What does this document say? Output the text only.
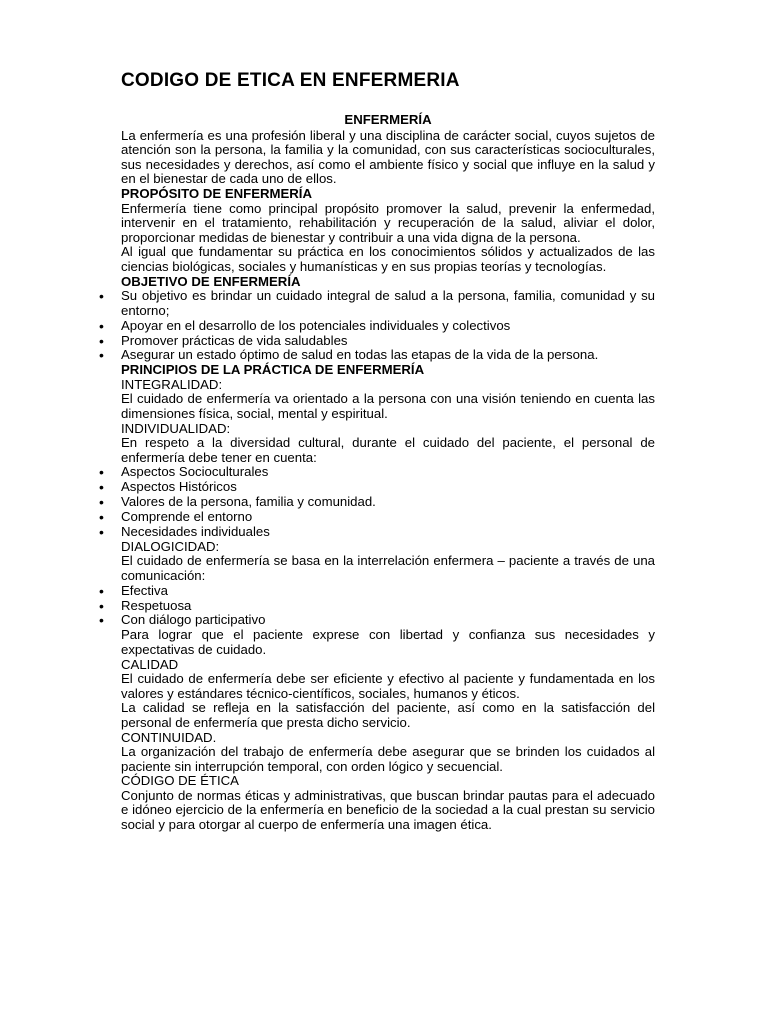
CODIGO DE ETICA EN ENFERMERIA
ENFERMERÍA

La enfermería es una profesión liberal y una disciplina de carácter social, cuyos sujetos de atención son la persona, la familia y la comunidad, con sus características socioculturales, sus necesidades y derechos, así como el ambiente físico y social que influye en la salud y en el bienestar de cada uno de ellos.

PROPÓSITO DE ENFERMERÍA

Enfermería tiene como principal propósito promover la salud, prevenir la enfermedad, intervenir en el tratamiento, rehabilitación y recuperación de la salud, aliviar el dolor, proporcionar medidas de bienestar y contribuir a una vida digna de la persona.

Al igual que fundamentar su práctica en los conocimientos sólidos y actualizados de las ciencias biológicas, sociales y humanísticas y en sus propias teorías y tecnologías.

OBJETIVO DE ENFERMERÍA
• Su objetivo es brindar un cuidado integral de salud a la persona, familia, comunidad y su entorno;
• Apoyar en el desarrollo de los potenciales individuales y colectivos
• Promover prácticas de vida saludables
• Asegurar un estado óptimo de salud en todas las etapas de la vida de la persona.
PRINCIPIOS DE LA PRÁCTICA DE ENFERMERÍA
INTEGRALIDAD:

El cuidado de enfermería va orientado a la persona con una visión teniendo en cuenta las dimensiones física, social, mental y espiritual.

INDIVIDUALIDAD:

En respeto a la diversidad cultural, durante el cuidado del paciente, el personal de enfermería debe tener en cuenta:

• Aspectos Socioculturales
• Aspectos Históricos
• Valores de la persona, familia y comunidad.
• Comprende el entorno
• Necesidades individuales
DIALOGICIDAD:

El cuidado de enfermería se basa en la interrelación enfermera – paciente a través de una comunicación:

• Efectiva
• Respetuosa
• Con diálogo participativo

Para lograr que el paciente exprese con libertad y confianza sus necesidades y expectativas de cuidado.

CALIDAD

El cuidado de enfermería debe ser eficiente y efectivo al paciente y fundamentada en los valores y estándares técnico-científicos, sociales, humanos y éticos.

La calidad se refleja en la satisfacción del paciente, así como en la satisfacción del personal de enfermería que presta dicho servicio.

CONTINUIDAD.

La organización del trabajo de enfermería debe asegurar que se brinden los cuidados al paciente sin interrupción temporal, con orden lógico y secuencial.

CÓDIGO DE ÉTICA

Conjunto de normas éticas y administrativas, que buscan brindar pautas para el adecuado e idóneo ejercicio de la enfermería en beneficio de la sociedad a la cual prestan su servicio social y para otorgar al cuerpo de enfermería una imagen ética.
